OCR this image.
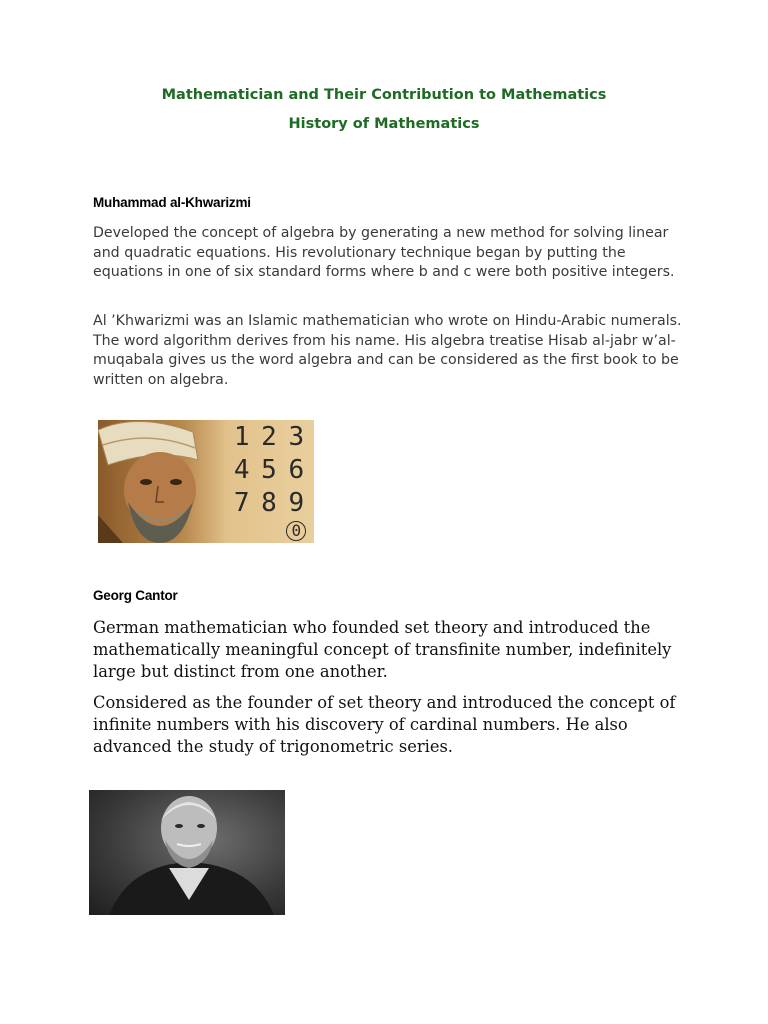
Mathematician and Their Contribution to Mathematics
History of Mathematics
Muhammad al-Khwarizmi

Developed the concept of algebra by generating a new method for solving linear and quadratic equations. His revolutionary technique began by putting the equations in one of six standard forms where b and c were both positive integers.

Al ’Khwarizmi was an Islamic mathematician who wrote on Hindu-Arabic numerals. The word algorithm derives from his name. His algebra treatise Hisab al-jabr w’al-muqabala gives us the word algebra and can be considered as the first book to be written on algebra.

1 2 3
4 5 6
7 8 9
0
Georg Cantor

German mathematician who founded set theory and introduced the mathematically meaningful concept of transfinite number, indefinitely large but distinct from one another.

Considered as the founder of set theory and introduced the concept of infinite numbers with his discovery of cardinal numbers. He also advanced the study of trigonometric series.
